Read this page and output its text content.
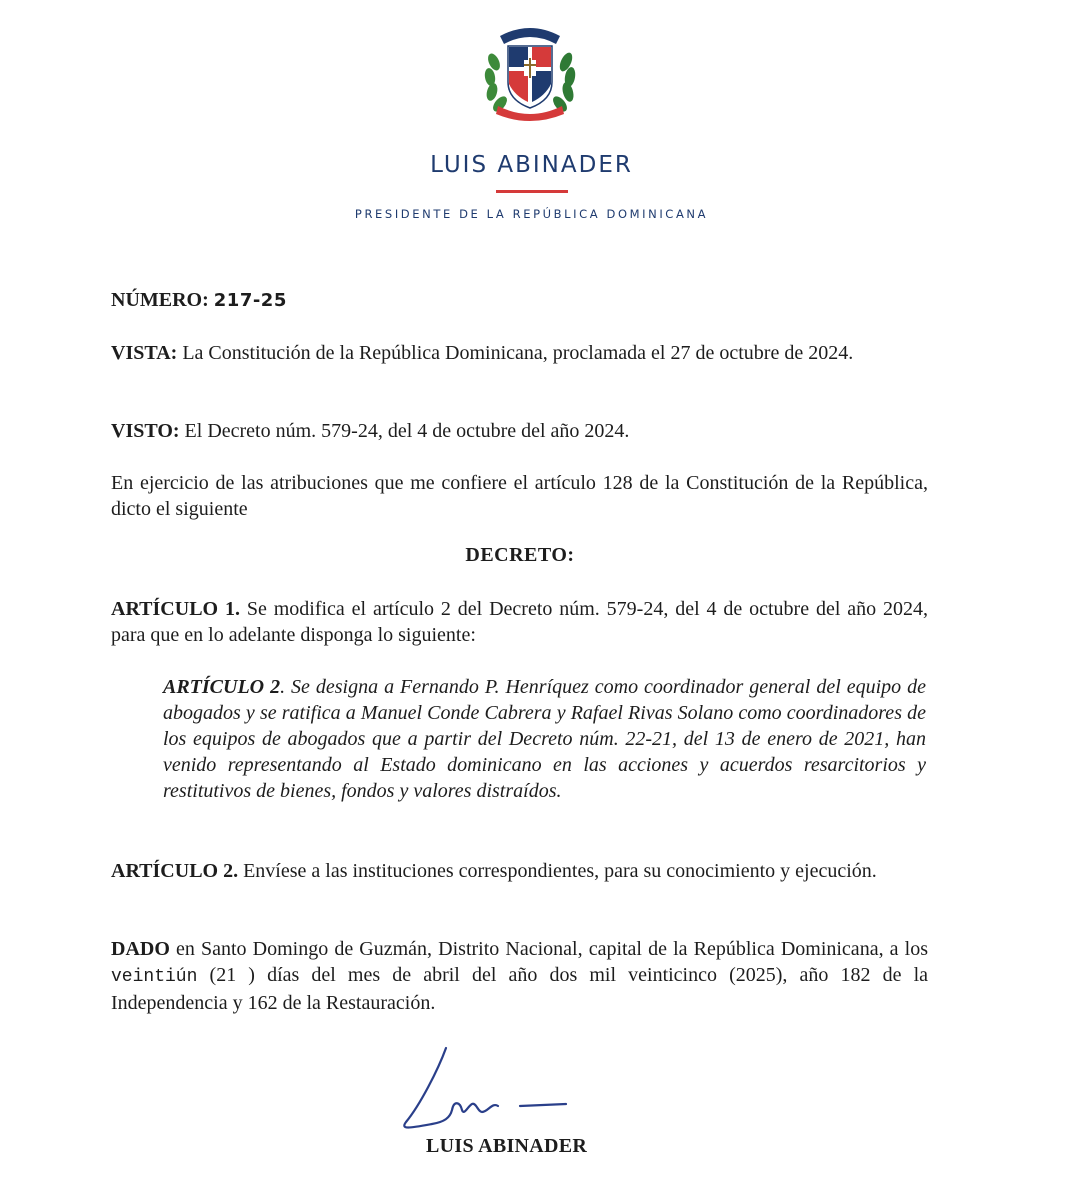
LUIS ABINADER
PRESIDENTE DE LA REPÚBLICA DOMINICANA
NÚMERO: 217-25
VISTA: La Constitución de la República Dominicana, proclamada el 27 de octubre de 2024.
VISTO: El Decreto núm. 579-24, del 4 de octubre del año 2024.
En ejercicio de las atribuciones que me confiere el artículo 128 de la Constitución de la República, dicto el siguiente
DECRETO:
ARTÍCULO 1. Se modifica el artículo 2 del Decreto núm. 579-24, del 4 de octubre del año 2024, para que en lo adelante disponga lo siguiente:
ARTÍCULO 2. Se designa a Fernando P. Henríquez como coordinador general del equipo de abogados y se ratifica a Manuel Conde Cabrera y Rafael Rivas Solano como coordinadores de los equipos de abogados que a partir del Decreto núm. 22-21, del 13 de enero de 2021, han venido representando al Estado dominicano en las acciones y acuerdos resarcitorios y restitutivos de bienes, fondos y valores distraídos.
ARTÍCULO 2. Envíese a las instituciones correspondientes, para su conocimiento y ejecución.
DADO en Santo Domingo de Guzmán, Distrito Nacional, capital de la República Dominicana, a los veintiún (21 ) días del mes de abril del año dos mil veinticinco (2025), año 182 de la Independencia y 162 de la Restauración.
LUIS ABINADER
